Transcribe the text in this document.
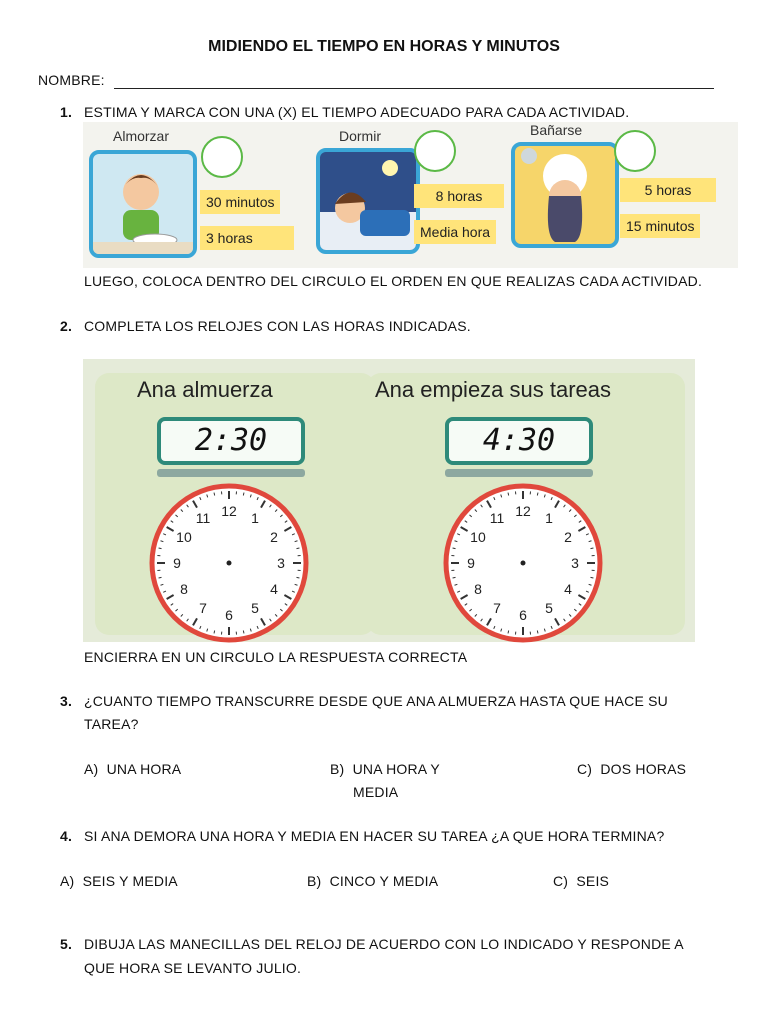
MIDIENDO EL TIEMPO EN HORAS Y MINUTOS
NOMBRE:
1. ESTIMA Y MARCA CON UNA (X) EL TIEMPO ADECUADO PARA CADA ACTIVIDAD.
Almorzar
30 minutos
3 horas
Dormir
8 horas
Media hora
Bañarse
5 horas
15 minutos
LUEGO, COLOCA DENTRO DEL CIRCULO EL ORDEN EN QUE REALIZAS CADA ACTIVIDAD.
2. COMPLETA LOS RELOJES CON LAS HORAS INDICADAS.
Ana almuerza
2:30
12 1
2
3
4
5
6
7
8
9
10
11
Ana empieza sus tareas
4:30
12 1
2
3
4
5
6
7
8
9
10
11
ENCIERRA EN UN CIRCULO LA RESPUESTA CORRECTA
3. ¿CUANTO TIEMPO TRANSCURRE DESDE QUE ANA ALMUERZA HASTA QUE HACE SU
TAREA?
A) UNA HORA	B) UNA HORA Y
MEDIA
C) DOS HORAS
4. SI ANA DEMORA UNA HORA Y MEDIA EN HACER SU TAREA ¿A QUE HORA TERMINA?
A) SEIS Y MEDIA	B) CINCO Y MEDIA	C) SEIS
5. DIBUJA LAS MANECILLAS DEL RELOJ DE ACUERDO CON LO INDICADO Y RESPONDE A
QUE HORA SE LEVANTO JULIO.
